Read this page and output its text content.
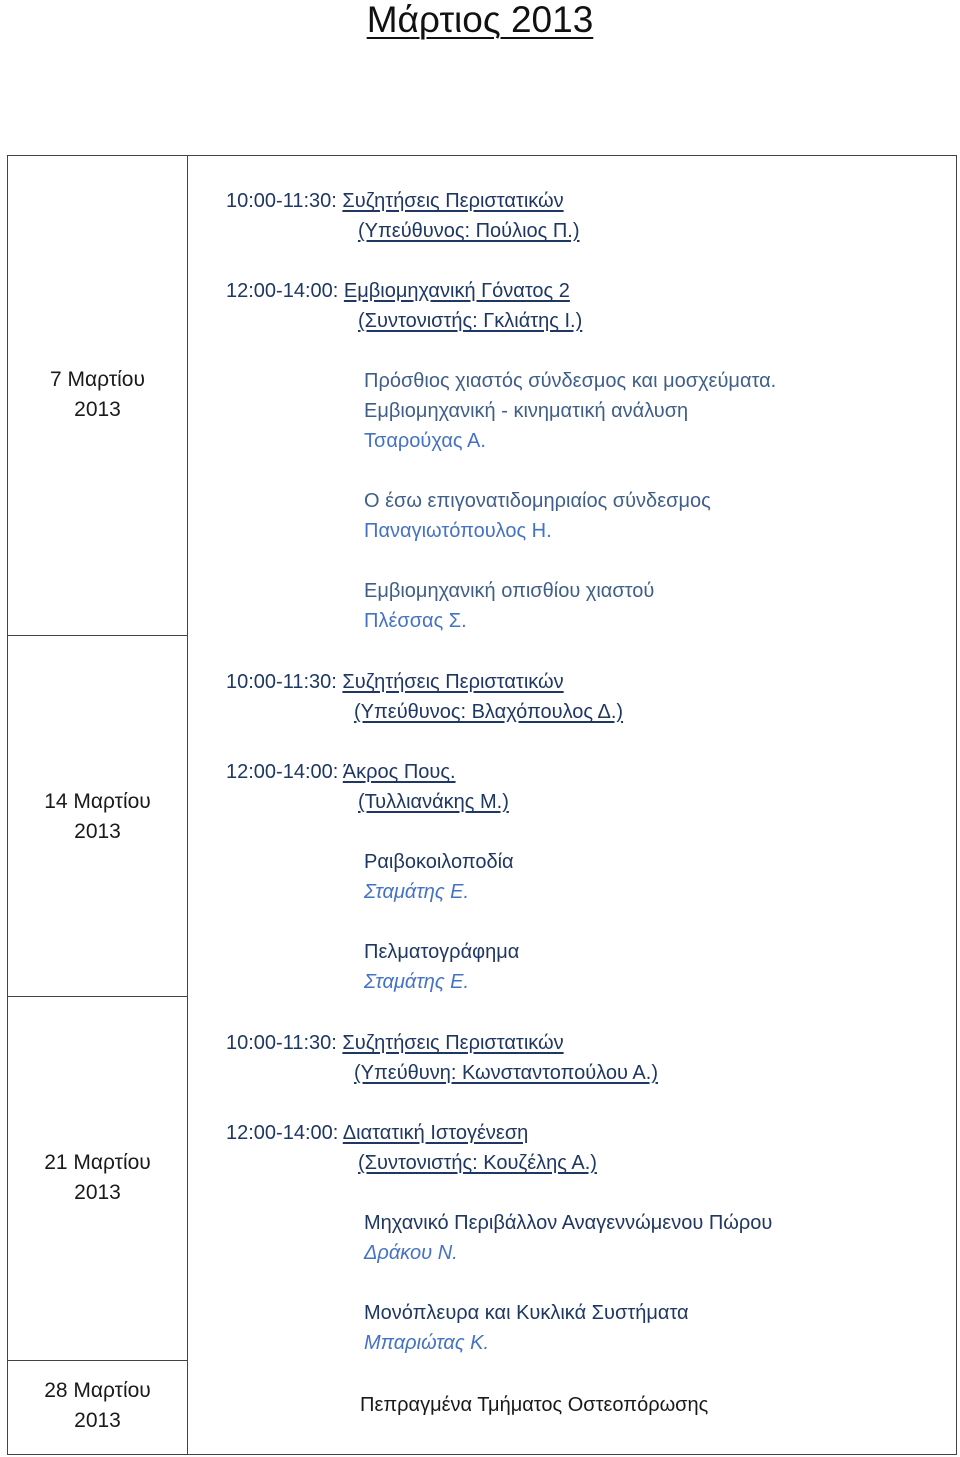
Μάρτιος 2013
7 Μαρτίου
2013
10:00-11:30: Συζητήσεις Περιστατικών
(Υπεύθυνος: Πούλιος Π.)
12:00-14:00: Εμβιομηχανική Γόνατος 2
(Συντονιστής: Γκλιάτης Ι.)
Πρόσθιος χιαστός σύνδεσμος και μοσχεύματα.
Εμβιομηχανική - κινηματική ανάλυση
Τσαρούχας Α.
Ο έσω επιγονατιδομηριαίος σύνδεσμος
Παναγιωτόπουλος Η.
Εμβιομηχανική οπισθίου χιαστού
Πλέσσας Σ.
14 Μαρτίου
2013
10:00-11:30: Συζητήσεις Περιστατικών
(Υπεύθυνος: Βλαχόπουλος Δ.)
12:00-14:00: Άκρος Πους.
(Τυλλιανάκης Μ.)
Ραιβοκοιλοποδία
Σταμάτης Ε.
Πελματογράφημα
Σταμάτης Ε.
21 Μαρτίου
2013
10:00-11:30: Συζητήσεις Περιστατικών
(Υπεύθυνη: Κωνσταντοπούλου Α.)
12:00-14:00: Διατατική Ιστογένεση
(Συντονιστής: Κουζέλης Α.)
Μηχανικό Περιβάλλον Αναγεννώμενου Πώρου
Δράκου Ν.
Μονόπλευρα και Κυκλικά Συστήματα
Μπαριώτας Κ.
28 Μαρτίου
2013
Πεπραγμένα Τμήματος Οστεοπόρωσης
